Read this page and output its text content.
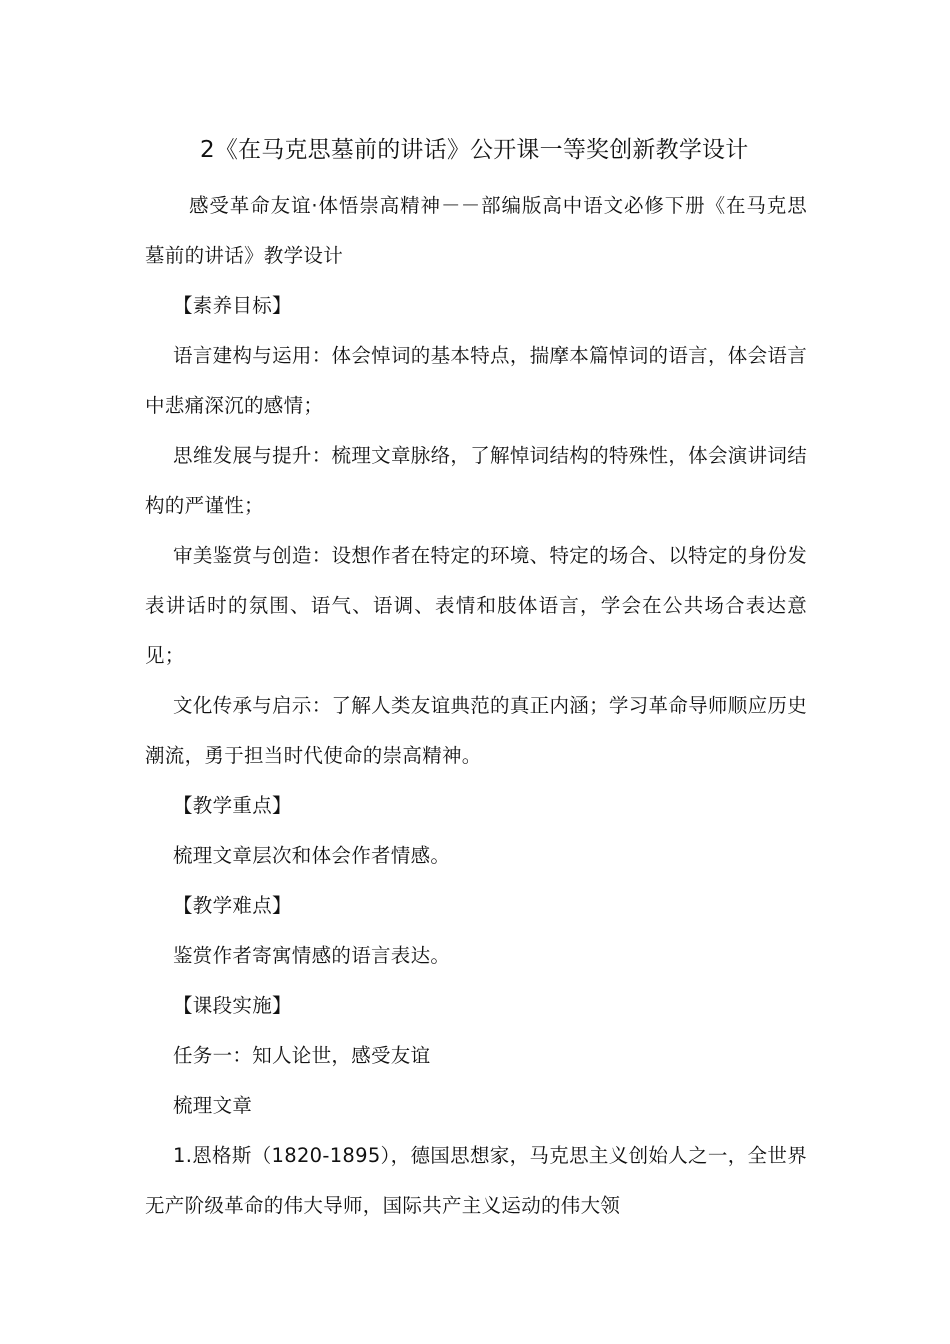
2《在马克思墓前的讲话》公开课一等奖创新教学设计

感受革命友谊·体悟崇高精神－－部编版高中语文必修下册《在马克思墓前的讲话》教学设计

【素养目标】

语言建构与运用：体会悼词的基本特点，揣摩本篇悼词的语言，体会语言中悲痛深沉的感情；

思维发展与提升：梳理文章脉络，了解悼词结构的特殊性，体会演讲词结构的严谨性；

审美鉴赏与创造：设想作者在特定的环境、特定的场合、以特定的身份发表讲话时的氛围、语气、语调、表情和肢体语言，学会在公共场合表达意见；

文化传承与启示：了解人类友谊典范的真正内涵；学习革命导师顺应历史潮流，勇于担当时代使命的崇高精神。

【教学重点】

梳理文章层次和体会作者情感。

【教学难点】

鉴赏作者寄寓情感的语言表达。

【课段实施】

任务一：知人论世，感受友谊

梳理文章

1.恩格斯（1820-1895），德国思想家，马克思主义创始人之一，全世界无产阶级革命的伟大导师，国际共产主义运动的伟大领
